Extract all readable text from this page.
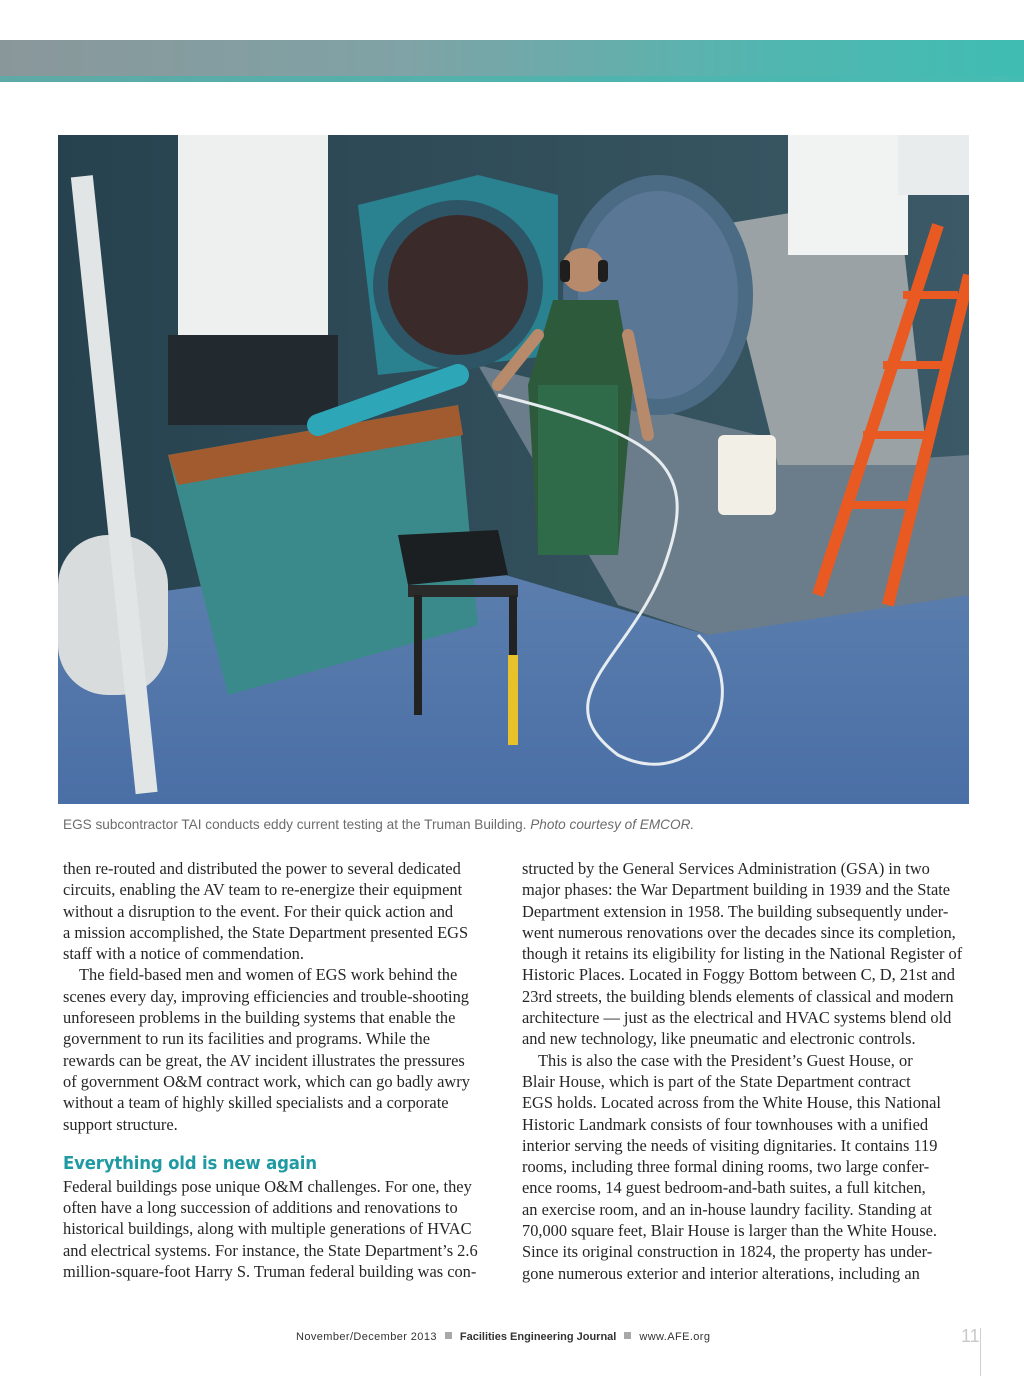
EGS subcontractor TAI conducts eddy current testing at the Truman Building. Photo courtesy of EMCOR.
then re-routed and distributed the power to several dedicated
circuits, enabling the AV team to re-energize their equipment
without a disruption to the event. For their quick action and
a mission accomplished, the State Department presented EGS
staff with a notice of commendation.
The field-based men and women of EGS work behind the
scenes every day, improving efficiencies and trouble-shooting
unforeseen problems in the building systems that enable the
government to run its facilities and programs. While the
rewards can be great, the AV incident illustrates the pressures
of government O&M contract work, which can go badly awry
without a team of highly skilled specialists and a corporate
support structure.
Everything old is new again
Federal buildings pose unique O&M challenges. For one, they
often have a long succession of additions and renovations to
historical buildings, along with multiple generations of HVAC
and electrical systems. For instance, the State Department’s 2.6
million-square-foot Harry S. Truman federal building was con-
structed by the General Services Administration (GSA) in two
major phases: the War Department building in 1939 and the State
Department extension in 1958. The building subsequently under-
went numerous renovations over the decades since its completion,
though it retains its eligibility for listing in the National Register of
Historic Places. Located in Foggy Bottom between C, D, 21st and
23rd streets, the building blends elements of classical and modern
architecture — just as the electrical and HVAC systems blend old
and new technology, like pneumatic and electronic controls.
This is also the case with the President’s Guest House, or
Blair House, which is part of the State Department contract
EGS holds. Located across from the White House, this National
Historic Landmark consists of four townhouses with a unified
interior serving the needs of visiting dignitaries. It contains 119
rooms, including three formal dining rooms, two large confer-
ence rooms, 14 guest bedroom-and-bath suites, a full kitchen,
an exercise room, and an in-house laundry facility. Standing at
70,000 square feet, Blair House is larger than the White House.
Since its original construction in 1824, the property has under-
gone numerous exterior and interior alterations, including an
November/December 2013 Facilities Engineering Journal www.AFE.org	11
